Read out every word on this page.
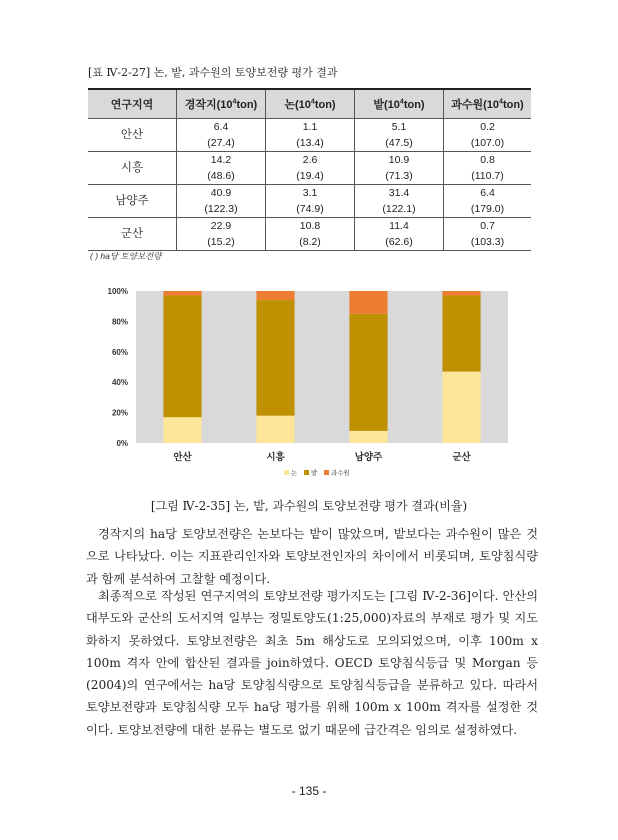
[표 Ⅳ-2-27] 논, 밭, 과수원의 토양보전량 평가 결과
연구지역	경작지$(10^4ton)$	논$(10^4ton)$	밭$(10^4ton)$	과수원$(10^4ton)$
안산	6.4	1.1	5.1	0.2
	(27.4)	(13.4)	(47.5)	(107.0)
시흥	14.2	2.6	10.9	0.8
	(48.6)	(19.4)	(71.3)	(110.7)
남양주	40.9	3.1	31.4	6.4
	(122.3)	(74.9)	(122.1)	(179.0)
군산	22.9	10.8	11.4	0.7
	(15.2)	(8.2)	(62.6)	(103.3)
( ) ha당 토양보전량
0%
20%
40%
60%
80%
100%
안산	시흥	남양주	군산
논 밭 과수원
[그림 Ⅳ-2-35] 논, 밭, 과수원의 토양보전량 평가 결과(비율)
경작지의 ha당 토양보전량은 논보다는 밭이 많았으며, 밭보다는 과수원이 많은 것으로 나타났다. 이는 지표관리인자와 토양보전인자의 차이에서 비롯되며, 토양침식량과 함께 분석하여 고찰할 예정이다.
최종적으로 작성된 연구지역의 토양보전량 평가지도는 [그림 Ⅳ-2-36]이다. 안산의 대부도와 군산의 도서지역 일부는 정밀토양도(1:25,000)자료의 부재로 평가 및 지도화하지 못하였다. 토양보전량은 최초 5m 해상도로 모의되었으며, 이후 100m x 100m 격자 안에 합산된 결과를 join하였다. OECD 토양침식등급 및 Morgan 등(2004)의 연구에서는 ha당 토양침식량으로 토양침식등급을 분류하고 있다. 따라서 토양보전량과 토양침식량 모두 ha당 평가를 위해 100m x 100m 격자를 설정한 것이다. 토양보전량에 대한 분류는 별도로 없기 때문에 급간격은 임의로 설정하였다.
- 135 -
